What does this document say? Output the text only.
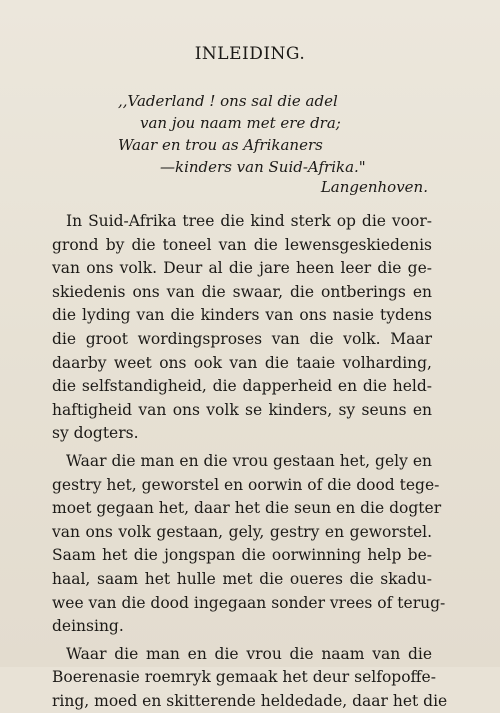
INLEIDING.
,,Vaderland ! ons sal die adel
van jou naam met ere dra;
Waar en trou as Afrikaners
—kinders van Suid-Afrika."
Langenhoven.
In Suid-Afrika tree die kind sterk op die voor-
grond by die toneel van die lewensgeskiedenis
van ons volk. Deur al die jare heen leer die ge-
skiedenis ons van die swaar, die ontberings en
die lyding van die kinders van ons nasie tydens
die groot wordingsproses van die volk. Maar
daarby weet ons ook van die taaie volharding,
die selfstandigheid, die dapperheid en die held-
haftigheid van ons volk se kinders, sy seuns en
sy dogters.
Waar die man en die vrou gestaan het, gely en
gestry het, geworstel en oorwin of die dood tege-
moet gegaan het, daar het die seun en die dogter
van ons volk gestaan, gely, gestry en geworstel.
Saam het die jongspan die oorwinning help be-
haal, saam het hulle met die oueres die skadu-
wee van die dood ingegaan sonder vrees of terug-
deinsing.
Waar die man en die vrou die naam van die
Boerenasie roemryk gemaak het deur selfopoffe-
ring, moed en skitterende heldedade, daar het die
